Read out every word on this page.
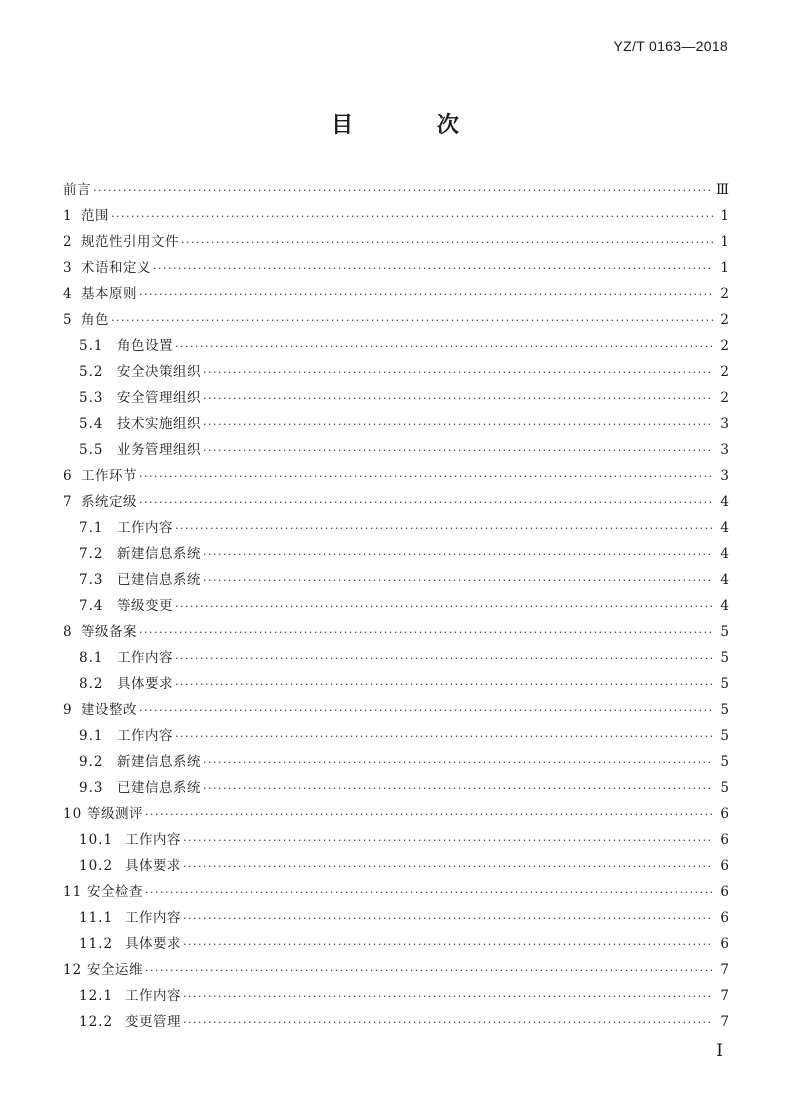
YZ/T 0163—2018
目 次
前言 ·····	Ⅲ
1 范围 ·····	1
2 规范性引用文件 ·····	1
3 术语和定义 ·····	1
4 基本原则 ·····	2
5 角色 ·····	2
5.1	角色设置 ·····	2
5.2	安全决策组织 ·····	2
5.3	安全管理组织 ·····	2
5.4	技术实施组织 ·····	3
5.5	业务管理组织 ·····	3
6 工作环节 ·····	3
7 系统定级 ·····	4
7.1	工作内容 ·····	4
7.2	新建信息系统 ·····	4
7.3	已建信息系统 ·····	4
7.4	等级变更 ·····	4
8 等级备案 ·····	5
8.1	工作内容 ·····	5
8.2	具体要求 ·····	5
9 建设整改 ·····	5
9.1	工作内容 ·····	5
9.2	新建信息系统 ·····	5
9.3	已建信息系统 ·····	5
10 等级测评 ·····	6
10.1 工作内容 ·····	6
10.2 具体要求 ·····	6
11 安全检查 ·····	6
11.1 工作内容 ·····	6
11.2 具体要求 ·····	6
12 安全运维 ·····	7
12.1 工作内容 ·····	7
12.2 变更管理 ·····	7
I
